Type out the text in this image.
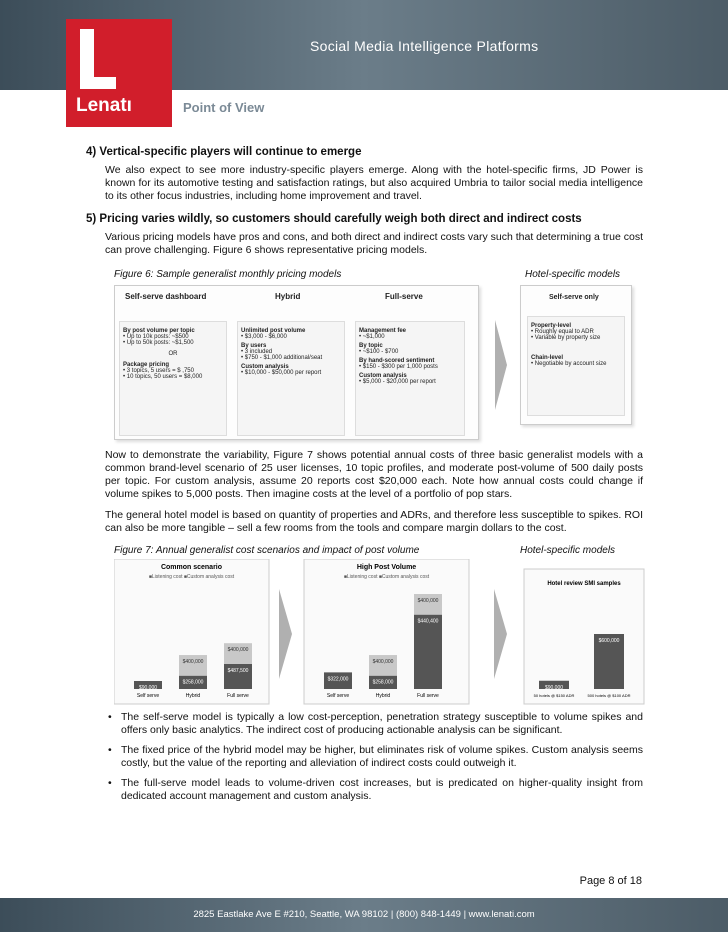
Social Media Intelligence Platforms
Lenatı	Point of View
4) Vertical-specific players will continue to emerge

We also expect to see more industry-specific players emerge. Along with the hotel-specific firms, JD Power is known for its automotive testing and satisfaction ratings, but also acquired Umbria to tailor social media intelligence to its other focus industries, including home improvement and travel.

5) Pricing varies wildly, so customers should carefully weigh both direct and indirect costs

Various pricing models have pros and cons, and both direct and indirect costs vary such that determining a true cost can prove challenging. Figure 6 shows representative pricing models.

Figure 6: Sample generalist monthly pricing models	Hotel-specific models
Self-serve dashboard	Hybrid	Full-serve
By post volume per topic
• Up to 10k posts: ~$500
• Up to 50k posts: ~$1,500
OR
Package pricing
• 3 topics, 5 users = $ ,750
• 10 topics, 50 users = $8,000
Unlimited post volume
• $3,000 - $6,000
By users
• 3 included
• $750 - $1,000 additional/seat
Custom analysis
• $10,000 - $50,000 per report
Management fee
• ~$1,000
By topic
• ~$100 - $700
By hand-scored sentiment
• $150 - $300 per 1,000 posts
Custom analysis
• $5,000 - $20,000 per report
Self-serve only
Property-level
• Roughly equal to ADR
• Variable by property size
Chain-level
• Negotiable by account size

Now to demonstrate the variability, Figure 7 shows potential annual costs of three basic generalist models with a common brand-level scenario of 25 user licenses, 10 topic profiles, and moderate post-volume of 500 daily posts per topic. For custom analysis, assume 20 reports cost $20,000 each. Note how annual costs could change if volume spikes to 5,000 posts. Then imagine costs at the level of a portfolio of pop stars.

The general hotel model is based on quantity of properties and ADRs, and therefore less susceptible to spikes. ROI can also be more tangible – sell a few rooms from the tools and compare margin dollars to the cost.

Figure 7: Annual generalist cost scenarios and impact of post volume	Hotel-specific models
Common scenario
■Listening cost ■Custom analysis cost
$90,000
Self serve
$258,000
$400,000
Hybrid
$487,500
$400,000
Full serve
High Post Volume
■Listening cost ■Custom analysis cost
$322,000
Self serve
$258,000
$400,000
Hybrid
$440,400
$400,000
Full serve
Hotel review SMI samples
$90,000
50 hotels @ $150 ADR
$600,000
500 hotels @ $100 ADR
• The self-serve model is typically a low cost-perception, penetration strategy susceptible to volume spikes and offers only basic analytics. The indirect cost of producing actionable analysis can be significant.
• The fixed price of the hybrid model may be higher, but eliminates risk of volume spikes. Custom analysis seems costly, but the value of the reporting and alleviation of indirect costs could outweigh it.
• The full-serve model leads to volume-driven cost increases, but is predicated on higher-quality insight from dedicated account management and custom analysis.
Page 8 of 18
2825 Eastlake Ave E #210, Seattle, WA 98102 | (800) 848-1449 | www.lenati.com
